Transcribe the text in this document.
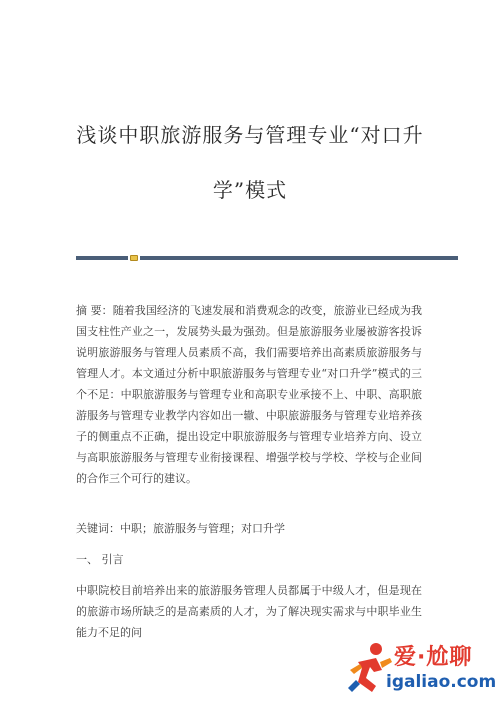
浅谈中职旅游服务与管理专业“对口升
学”模式

摘 要：随着我国经济的飞速发展和消费观念的改变，旅游业已经成为我国支柱性产业之一，发展势头最为强劲。但是旅游服务业屡被游客投诉说明旅游服务与管理人员素质不高，我们需要培养出高素质旅游服务与管理人才。本文通过分析中职旅游服务与管理专业“对口升学”模式的三个不足：中职旅游服务与管理专业和高职专业承接不上、中职、高职旅游服务与管理专业教学内容如出一辙、中职旅游服务与管理专业培养孩子的侧重点不正确，提出设定中职旅游服务与管理专业培养方向、设立与高职旅游服务与管理专业衔接课程、增强学校与学校、学校与企业间的合作三个可行的建议。

关键词：中职；旅游服务与管理；对口升学

一、 引言

中职院校目前培养出来的旅游服务管理人员都属于中级人才，但是现在的旅游市场所缺乏的是高素质的人才，为了解决现实需求与中职毕业生能力不足的问

爱·尬聊
igaliao.com
